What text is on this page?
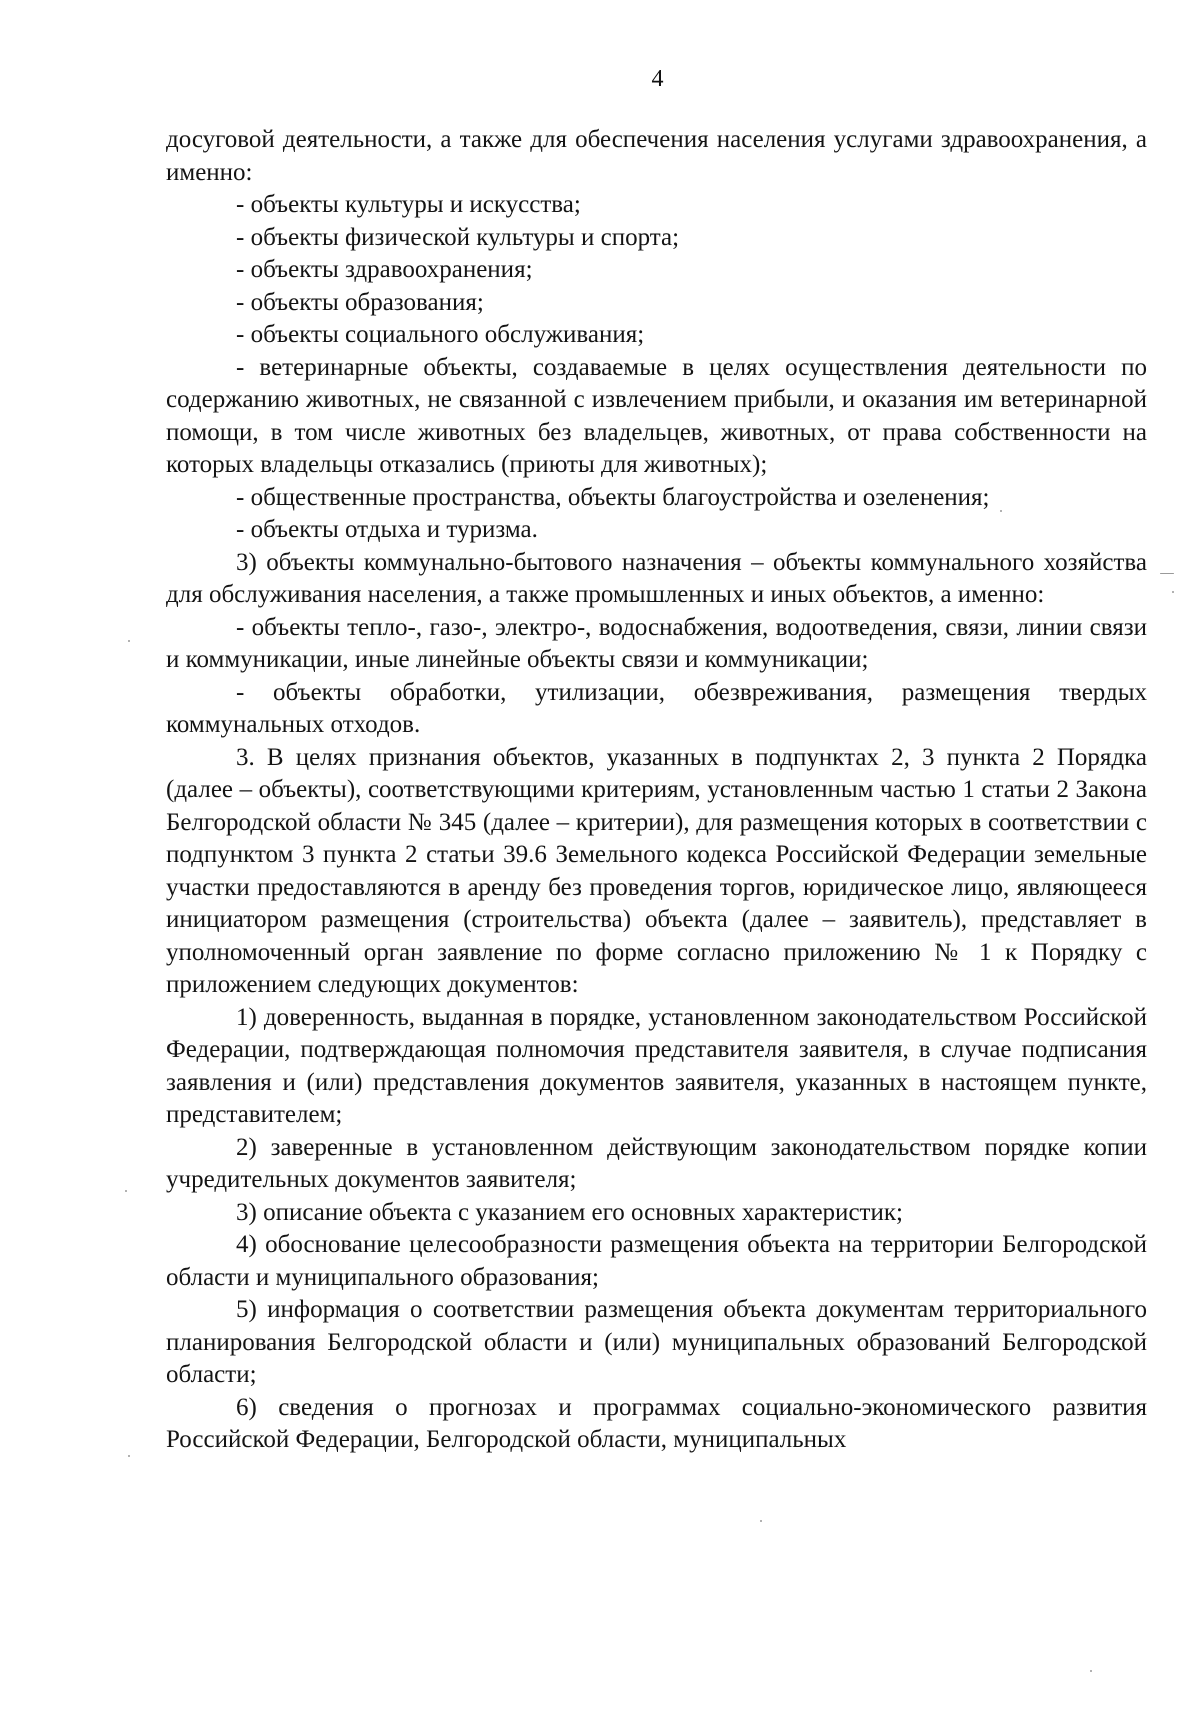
4

досуговой деятельности, а также для обеспечения населения услугами здравоохранения, а именно:

- объекты культуры и искусства;

- объекты физической культуры и спорта;

- объекты здравоохранения;

- объекты образования;

- объекты социального обслуживания;

- ветеринарные объекты, создаваемые в целях осуществления деятельности по содержанию животных, не связанной с извлечением прибыли, и оказания им ветеринарной помощи, в том числе животных без владельцев, животных, от права собственности на которых владельцы отказались (приюты для животных);

- общественные пространства, объекты благоустройства и озеленения;

- объекты отдыха и туризма.

3) объекты коммунально-бытового назначения – объекты коммунального хозяйства для обслуживания населения, а также промышленных и иных объектов, а именно:

- объекты тепло-, газо-, электро-, водоснабжения, водоотведения, связи, линии связи и коммуникации, иные линейные объекты связи и коммуникации;

- объекты обработки, утилизации, обезвреживания, размещения твердых коммунальных отходов.

3. В целях признания объектов, указанных в подпунктах 2, 3 пункта 2 Порядка (далее – объекты), соответствующими критериям, установленным частью 1 статьи 2 Закона Белгородской области № 345 (далее – критерии), для размещения которых в соответствии с подпунктом 3 пункта 2 статьи 39.6 Земельного кодекса Российской Федерации земельные участки предоставляются в аренду без проведения торгов, юридическое лицо, являющееся инициатором размещения (строительства) объекта (далее – заявитель), представляет в уполномоченный орган заявление по форме согласно приложению № 1 к Порядку с приложением следующих документов:

1) доверенность, выданная в порядке, установленном законодательством Российской Федерации, подтверждающая полномочия представителя заявителя, в случае подписания заявления и (или) представления документов заявителя, указанных в настоящем пункте, представителем;

2) заверенные в установленном действующим законодательством порядке копии учредительных документов заявителя;

3) описание объекта с указанием его основных характеристик;

4) обоснование целесообразности размещения объекта на территории Белгородской области и муниципального образования;

5) информация о соответствии размещения объекта документам территориального планирования Белгородской области и (или) муниципальных образований Белгородской области;

6) сведения о прогнозах и программах социально-экономического развития Российской Федерации, Белгородской области, муниципальных
